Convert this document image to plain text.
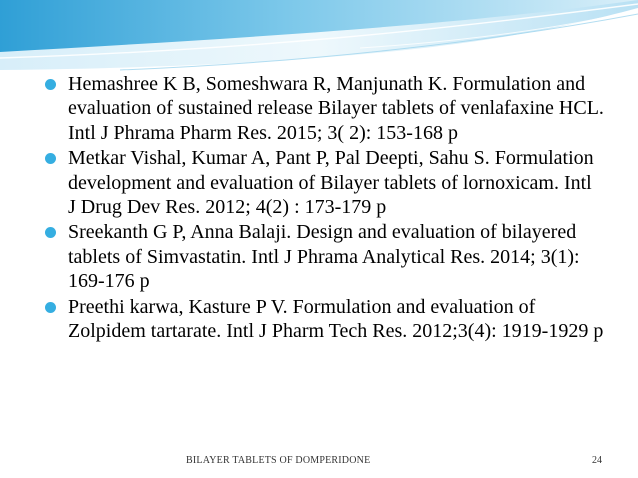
Hemashree K B, Someshwara R, Manjunath K. Formulation and evaluation of sustained release Bilayer tablets of venlafaxine HCL. Intl J Phrama Pharm Res. 2015; 3( 2): 153-168 p
Metkar Vishal, Kumar A, Pant P, Pal Deepti, Sahu S. Formulation development and evaluation of Bilayer tablets of lornoxicam. Intl J Drug Dev Res. 2012; 4(2) : 173-179 p
Sreekanth G P, Anna Balaji. Design and evaluation of bilayered tablets of Simvastatin. Intl J Phrama Analytical Res. 2014; 3(1): 169-176 p
Preethi karwa, Kasture P V. Formulation and evaluation of Zolpidem tartarate. Intl J Pharm Tech Res. 2012;3(4): 1919-1929 p
BILAYER TABLETS OF DOMPERIDONE	24
